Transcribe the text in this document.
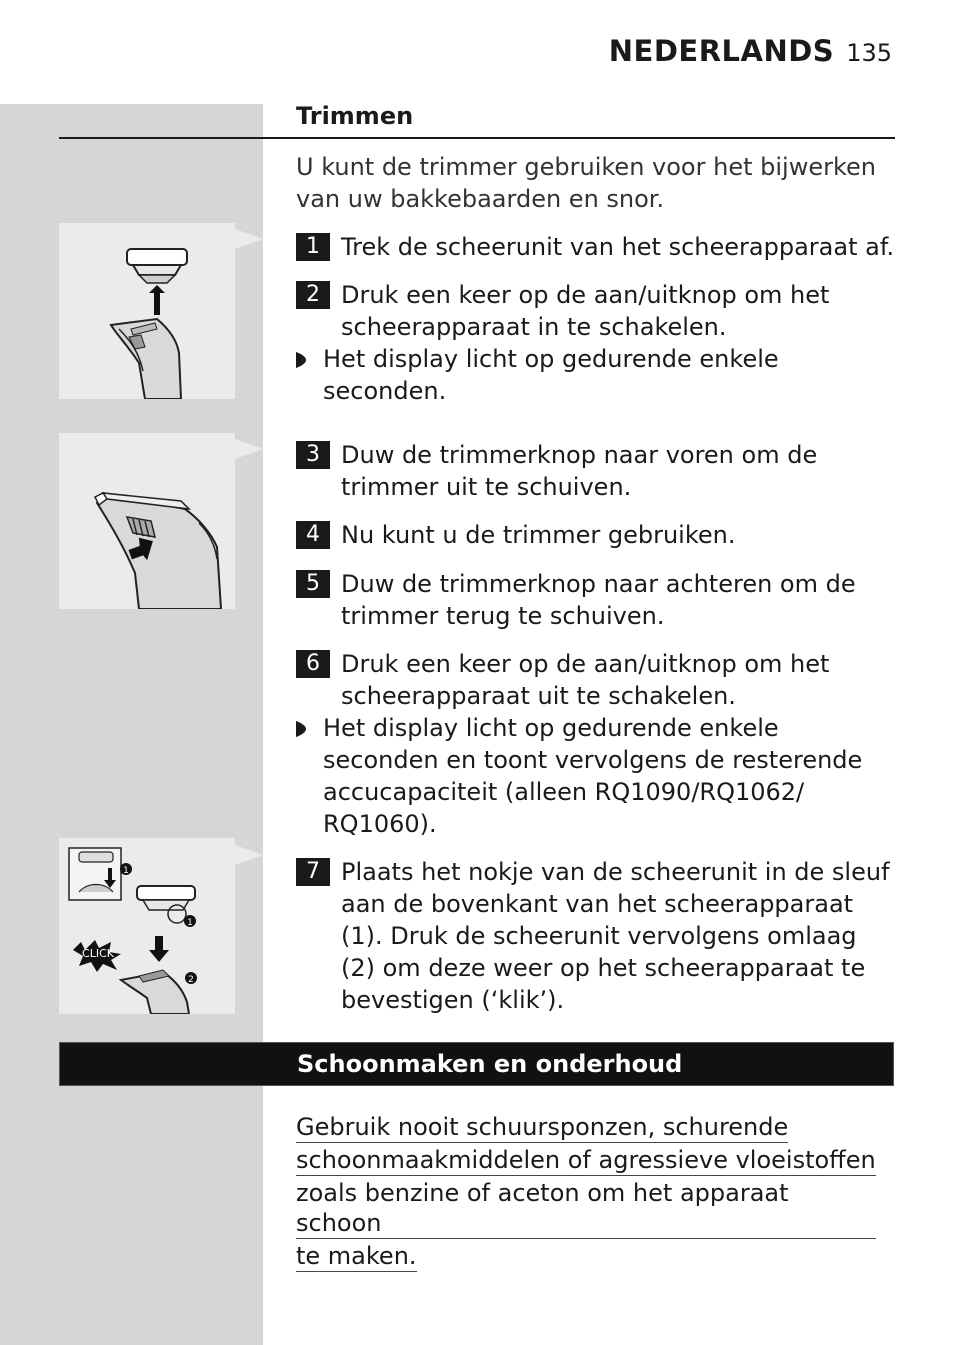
NEDERLANDS 135
Trimmen
U kunt de trimmer gebruiken voor het bijwerken van uw bakkebaarden en snor.
1 Trek de scheerunit van het scheerapparaat af.
2 Druk een keer op de aan/uitknop om het scheerapparaat in te schakelen.
Het display licht op gedurende enkele seconden.
3 Duw de trimmerknop naar voren om de trimmer uit te schuiven.
4 Nu kunt u de trimmer gebruiken.
5 Duw de trimmerknop naar achteren om de trimmer terug te schuiven.
6 Druk een keer op de aan/uitknop om het scheerapparaat uit te schakelen.
Het display licht op gedurende enkele seconden en toont vervolgens de resterende accucapaciteit (alleen RQ1090/RQ1062/ RQ1060).
1
1
CLICK
2
7 Plaats het nokje van de scheerunit in de sleuf aan de bovenkant van het scheerapparaat (1). Druk de scheerunit vervolgens omlaag (2) om deze weer op het scheerapparaat te bevestigen (‘klik’).
Schoonmaken en onderhoud
Gebruik nooit schuursponzen, schurende
schoonmaakmiddelen of agressieve vloeistoffen
zoals benzine of aceton om het apparaat schoon
te maken.
